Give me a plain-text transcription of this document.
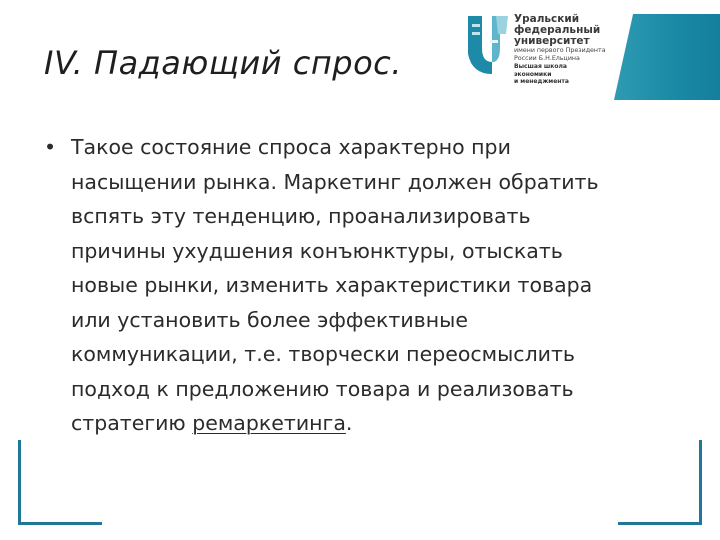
IV. Падающий спрос.
Уральский
федеральный
университет
имени первого Президента
России Б.Н.Ельцина
Высшая школа
экономики
и менеджмента
• Такое состояние спроса характерно при
насыщении рынка. Маркетинг должен обратить
вспять эту тенденцию, проанализировать
причины ухудшения конъюнктуры, отыскать
новые рынки, изменить характеристики товара
или установить более эффективные
коммуникации, т.е. творчески переосмыслить
подход к предложению товара и реализовать
стратегию ремаркетинга.
